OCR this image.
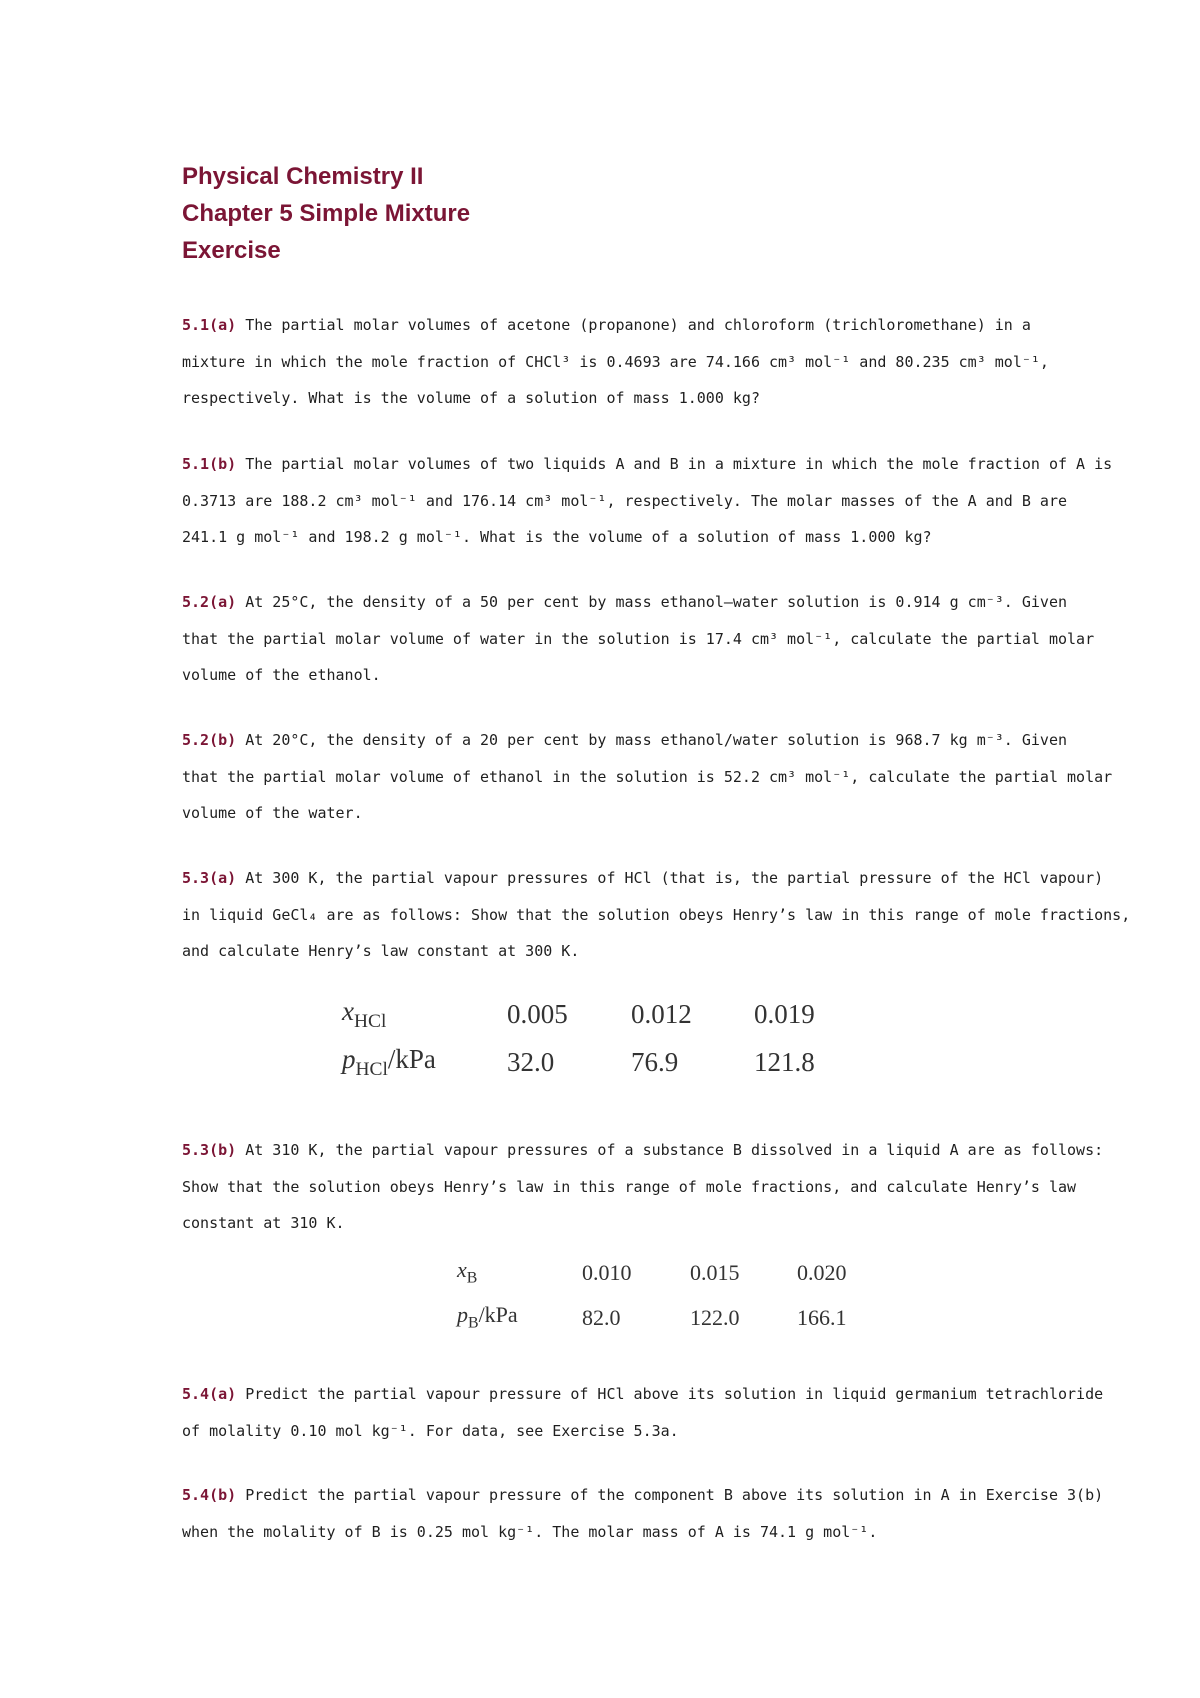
Physical Chemistry II
Chapter 5 Simple Mixture
Exercise
5.1(a) The partial molar volumes of acetone (propanone) and chloroform (trichloromethane) in a
mixture in which the mole fraction of CHCl³ is 0.4693 are 74.166 cm³ mol⁻¹ and 80.235 cm³ mol⁻¹,
respectively. What is the volume of a solution of mass 1.000 kg?
5.1(b) The partial molar volumes of two liquids A and B in a mixture in which the mole fraction of A is
0.3713 are 188.2 cm³ mol⁻¹ and 176.14 cm³ mol⁻¹, respectively. The molar masses of the A and B are
241.1 g mol⁻¹ and 198.2 g mol⁻¹. What is the volume of a solution of mass 1.000 kg?
5.2(a) At 25°C, the density of a 50 per cent by mass ethanol–water solution is 0.914 g cm⁻³. Given
that the partial molar volume of water in the solution is 17.4 cm³ mol⁻¹, calculate the partial molar
volume of the ethanol.
5.2(b) At 20°C, the density of a 20 per cent by mass ethanol/water solution is 968.7 kg m⁻³. Given
that the partial molar volume of ethanol in the solution is 52.2 cm³ mol⁻¹, calculate the partial molar
volume of the water.
5.3(a) At 300 K, the partial vapour pressures of HCl (that is, the partial pressure of the HCl vapour)
in liquid GeCl₄ are as follows: Show that the solution obeys Henry’s law in this range of mole fractions,
and calculate Henry’s law constant at 300 K.
$x_{HCl}$	0.005	0.012	0.019
$p_{HCl}$/kPa	32.0	76.9	121.8
5.3(b) At 310 K, the partial vapour pressures of a substance B dissolved in a liquid A are as follows:
Show that the solution obeys Henry’s law in this range of mole fractions, and calculate Henry’s law
constant at 310 K.
$x_B$	0.010	0.015	0.020
$p_B$/kPa	82.0	122.0	166.1
5.4(a) Predict the partial vapour pressure of HCl above its solution in liquid germanium tetrachloride
of molality 0.10 mol kg⁻¹. For data, see Exercise 5.3a.
5.4(b) Predict the partial vapour pressure of the component B above its solution in A in Exercise 3(b)
when the molality of B is 0.25 mol kg⁻¹. The molar mass of A is 74.1 g mol⁻¹.
